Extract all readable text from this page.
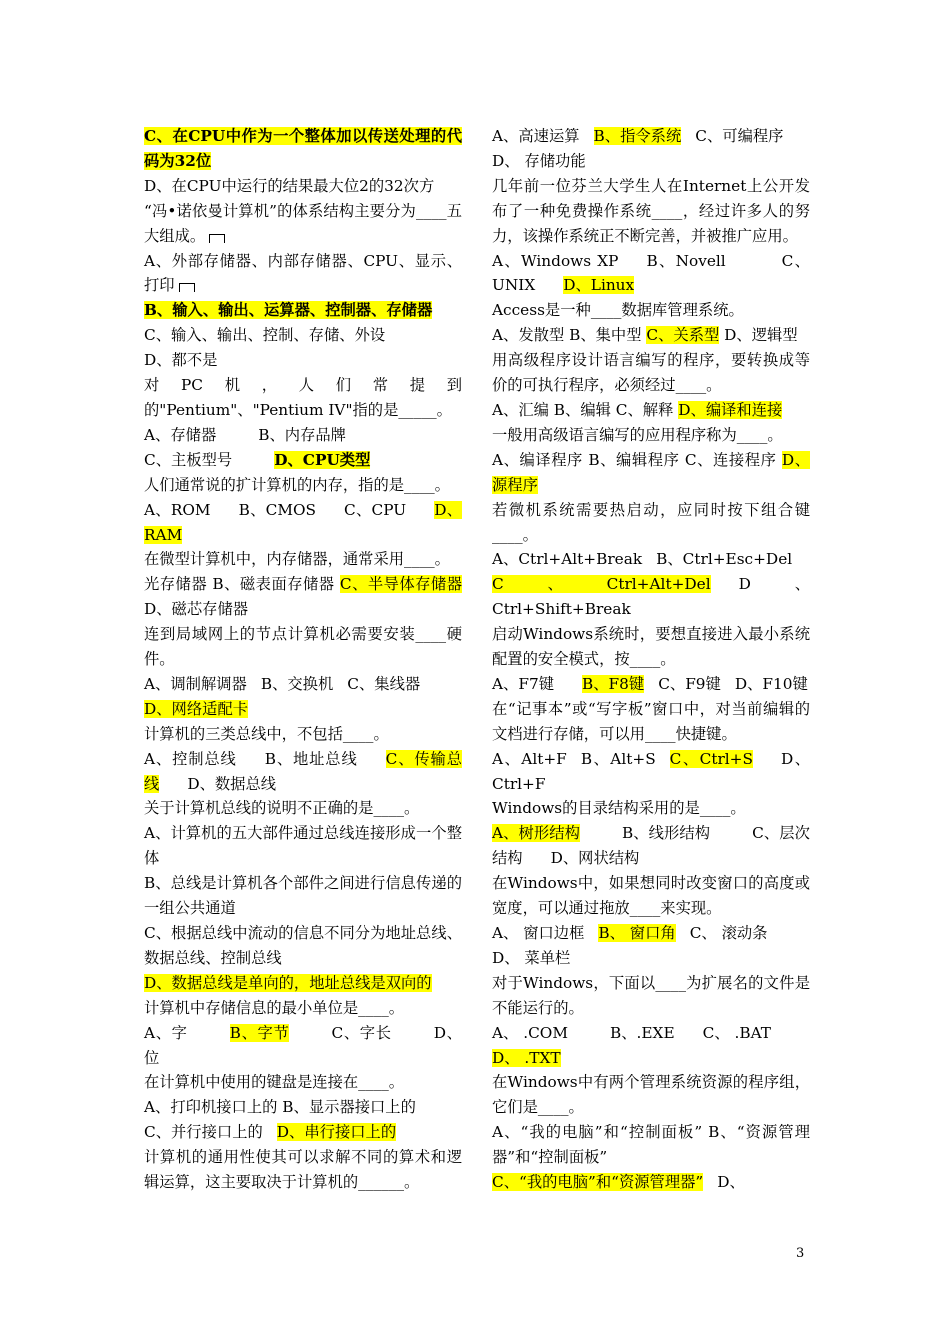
C、在CPU中作为一个整体加以传送处理的代码为32位

D、在CPU中运行的结果最大位2的32次方

“冯•诺依曼计算机”的体系结构主要分为____五大组成。

A、外部存储器、内部存储器、CPU、显示、打印

B、输入、输出、运算器、控制器、存储器

C、输入、输出、控制、存储、外设

D、都不是

对PC机，人们常提到的"Pentium"、"Pentium IV"指的是_____。

A、存储器	B、内存品牌

C、主板型号	D、CPU类型

人们通常说的扩计算机的内存，指的是____。

A、ROM B、CMOS C、CPU D、RAM

在微型计算机中，内存储器，通常采用____。

光存储器 B、磁表面存储器 C、半导体存储器 D、磁芯存储器

连到局域网上的节点计算机必需要安装____硬件。

A、调制解调器 B、交换机 C、集线器

D、网络适配卡

计算机的三类总线中，不包括____。

A、控制总线 B、地址总线 C、传输总线 D、数据总线

关于计算机总线的说明不正确的是____。

A、计算机的五大部件通过总线连接形成一个整体

B、总线是计算机各个部件之间进行信息传递的一组公共通道

C、根据总线中流动的信息不同分为地址总线、数据总线、控制总线

D、数据总线是单向的，地址总线是双向的

计算机中存储信息的最小单位是____。

A、字	B、字节	C、字长	D、位

在计算机中使用的键盘是连接在____。

A、打印机接口上的 B、显示器接口上的

C、并行接口上的 D、串行接口上的

计算机的通用性使其可以求解不同的算术和逻辑运算，这主要取决于计算机的______。

A、高速运算 B、指令系统 C、可编程序

D、 存储功能

几年前一位芬兰大学生人在Internet上公开发布了一种免费操作系统____，经过许多人的努力，该操作系统正不断完善，并被推广应用。

A、Windows XP B、Novell	C、UNIX D、Linux

Access是一种____数据库管理系统。

A、发散型 B、集中型 C、关系型 D、逻辑型

用高级程序设计语言编写的程序，要转换成等价的可执行程序，必须经过____。

A、汇编 B、编辑 C、解释 D、编译和连接

一般用高级语言编写的应用程序称为____。

A、编译程序 B、编辑程序 C、连接程序 D、源程序

若微机系统需要热启动，应同时按下组合键____。

A、Ctrl+Alt+Break B、Ctrl+Esc+Del

C、Ctrl+Alt+Del D、Ctrl+Shift+Break

启动Windows系统时，要想直接进入最小系统配置的安全模式，按____。

A、F7键 B、F8键 C、F9键 D、F10键

在“记事本”或“写字板”窗口中，对当前编辑的文档进行存储，可以用____快捷键。

A、Alt+F B、Alt+S C、Ctrl+S D、Ctrl+F

Windows的目录结构采用的是____。

A、树形结构	B、线形结构	C、层次结构 D、网状结构

在Windows中，如果想同时改变窗口的高度或宽度，可以通过拖放____来实现。

A、 窗口边框 B、 窗口角 C、 滚动条

D、 菜单栏

对于Windows，下面以____为扩展名的文件是不能运行的。

A、 .COM	B、.EXE C、 .BAT

D、 .TXT

在Windows中有两个管理系统资源的程序组，它们是____。

A、“我的电脑”和“控制面板” B、“资源管理器”和“控制面板”

C、“我的电脑”和“资源管理器” D、

3
